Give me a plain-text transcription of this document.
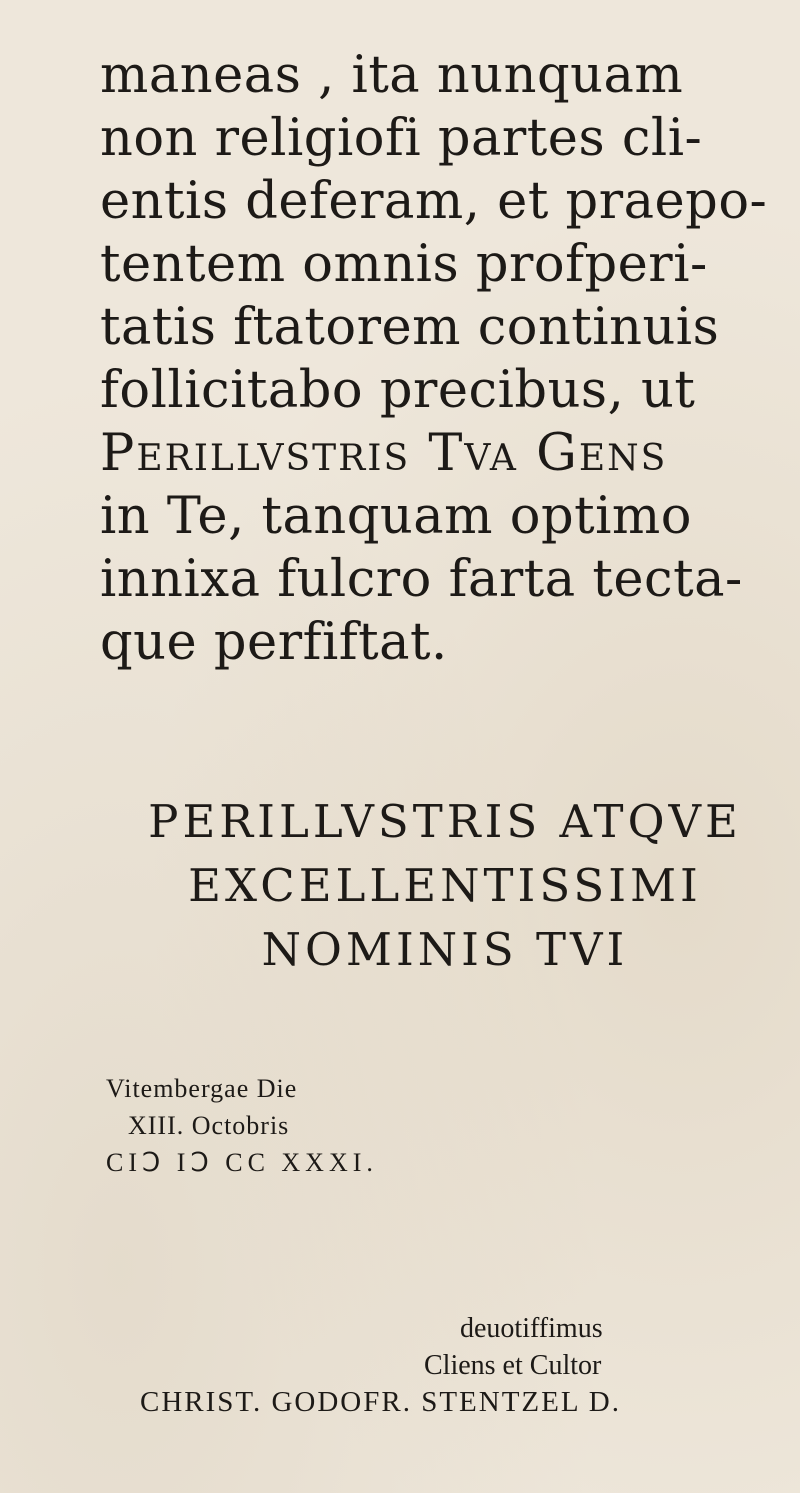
maneas , ita nunquam
non religiofi partes cli-
entis deferam, et praepo-
tentem omnis profperi-
tatis ftatorem continuis
follicitabo precibus, ut
Perillvstris Tva Gens
in Te, tanquam optimo
innixa fulcro farta tecta-
que perfiftat.
PERILLVSTRIS ATQVE
EXCELLENTISSIMI
NOMINIS TVI
Vitembergae Die
XIII. Octobris
CIↃ IↃ CC XXXI.
deuotiffimus
Cliens et Cultor
CHRIST. GODOFR. STENTZEL D.
